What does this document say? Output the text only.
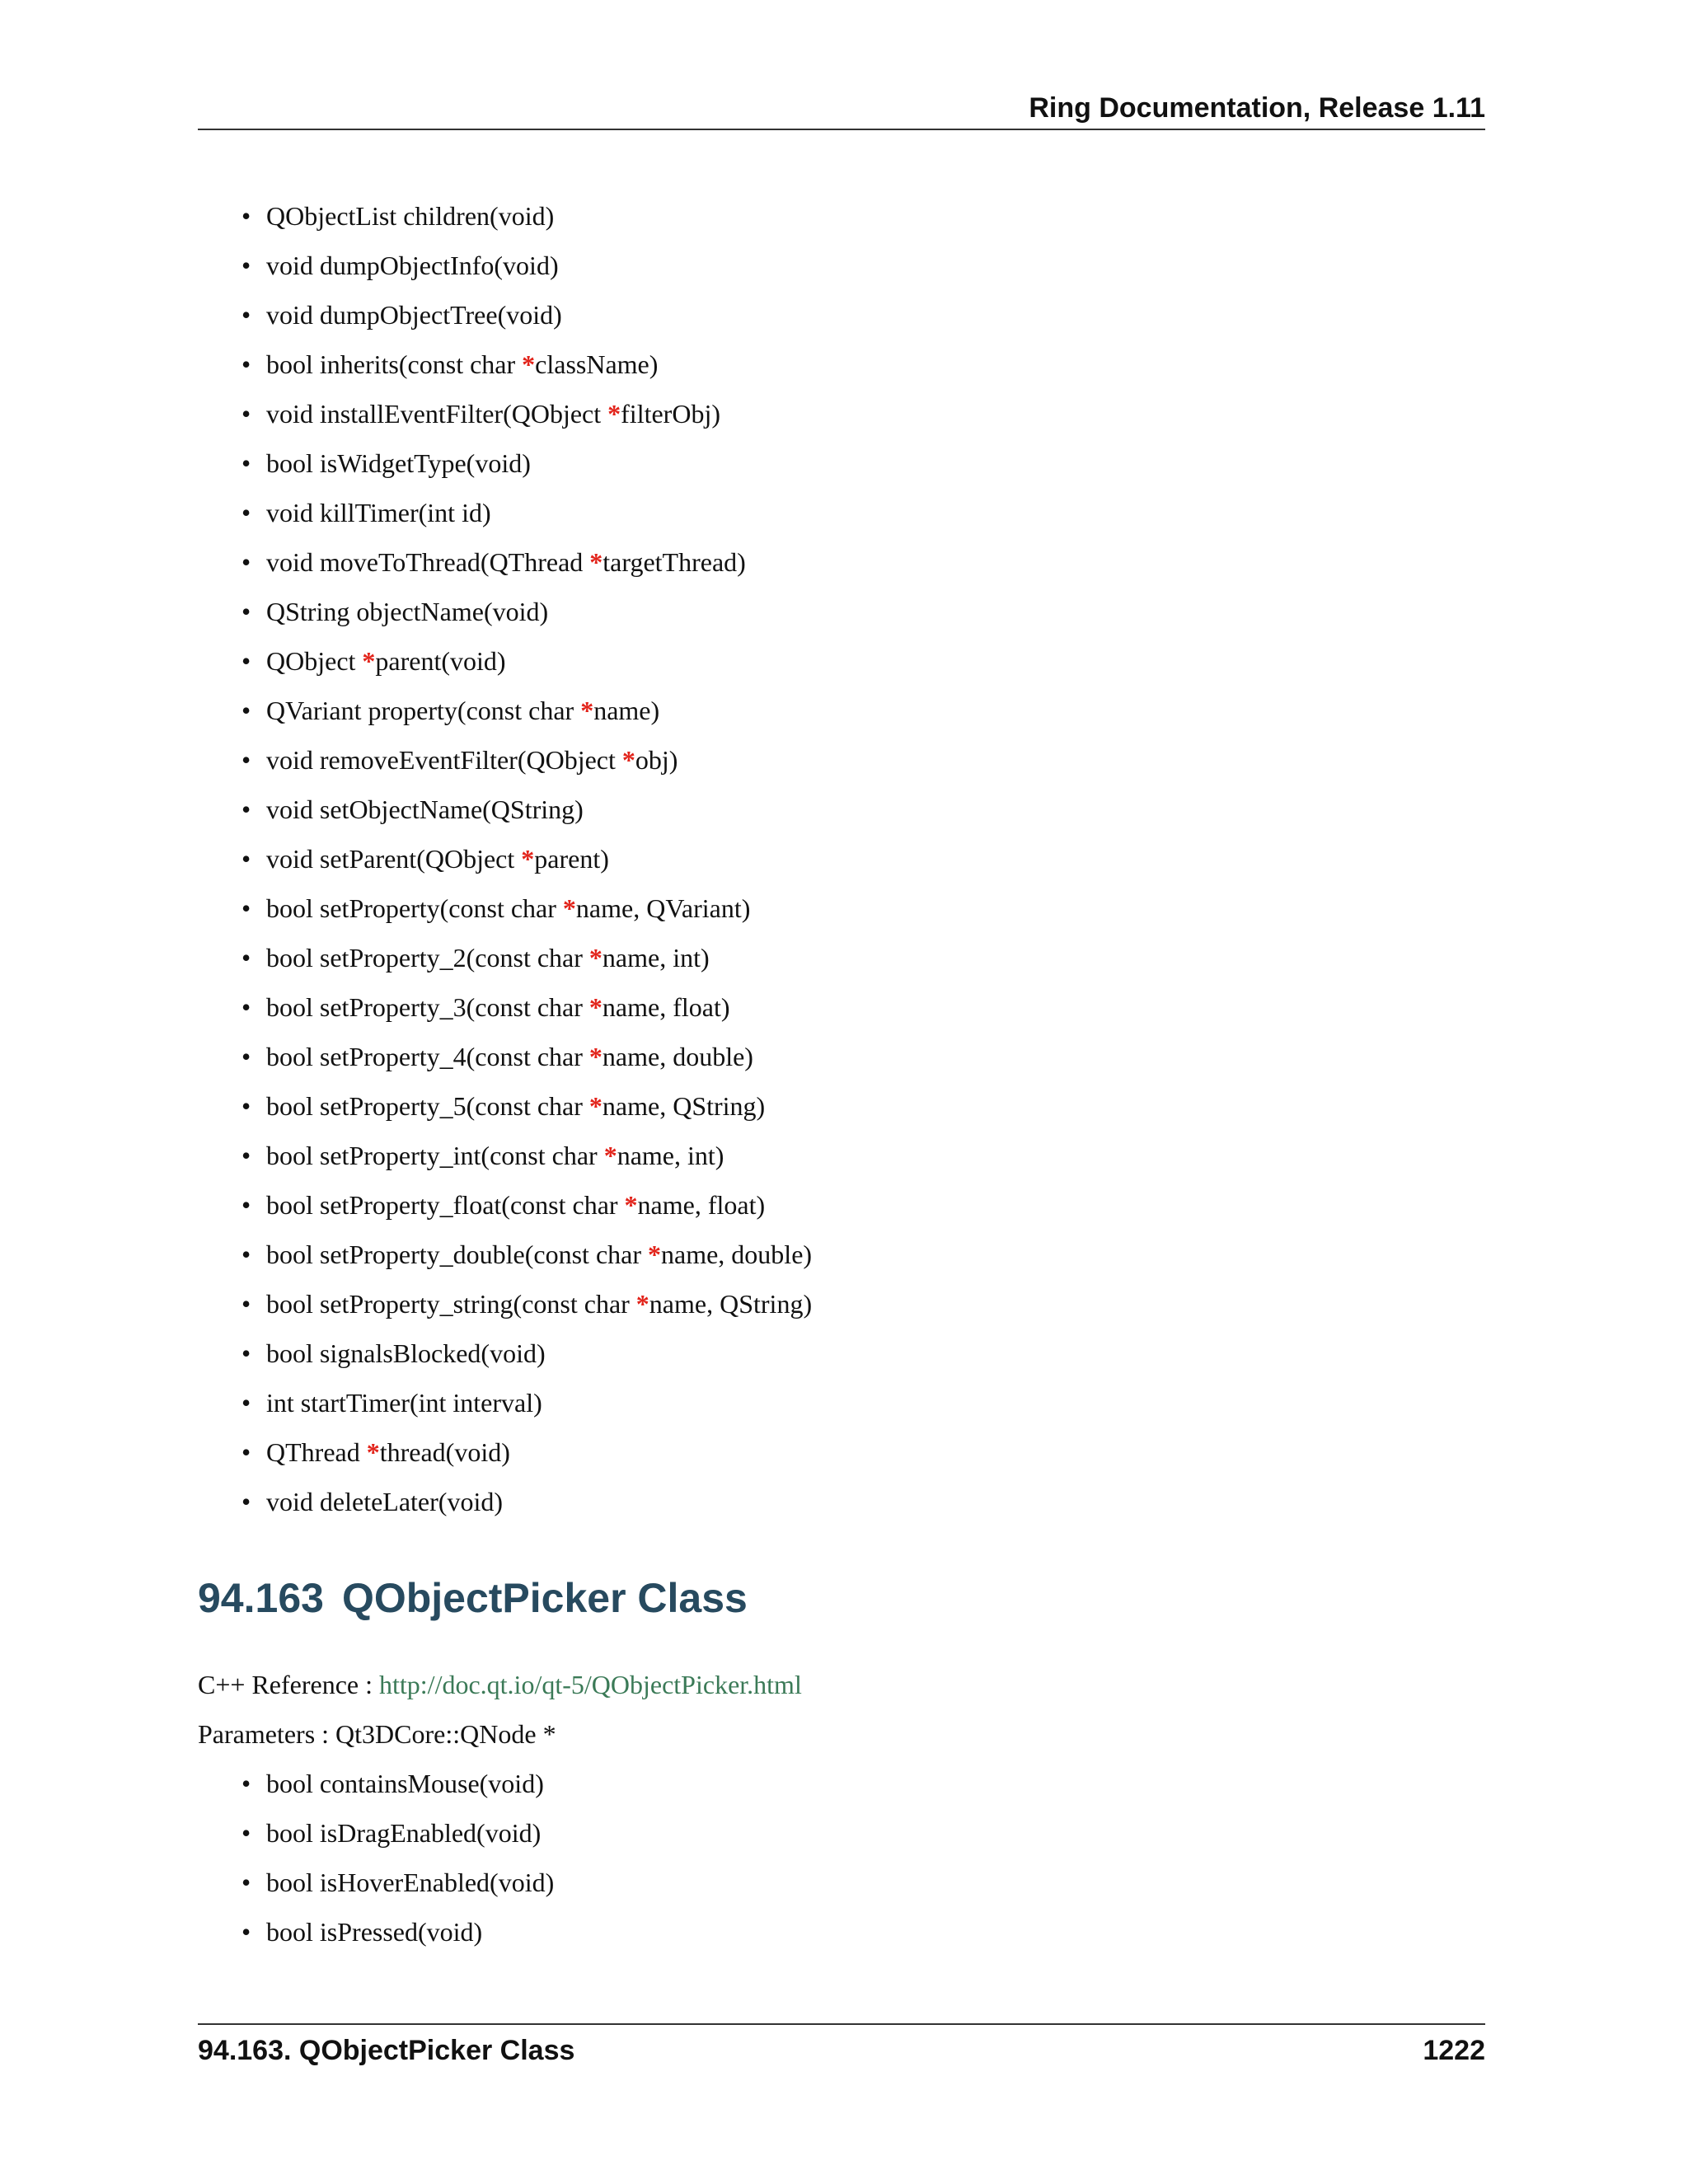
Ring Documentation, Release 1.11
• QObjectList children(void)
• void dumpObjectInfo(void)
• void dumpObjectTree(void)
• bool inherits(const char *className)
• void installEventFilter(QObject *filterObj)
• bool isWidgetType(void)
• void killTimer(int id)
• void moveToThread(QThread *targetThread)
• QString objectName(void)
• QObject *parent(void)
• QVariant property(const char *name)
• void removeEventFilter(QObject *obj)
• void setObjectName(QString)
• void setParent(QObject *parent)
• bool setProperty(const char *name, QVariant)
• bool setProperty_2(const char *name, int)
• bool setProperty_3(const char *name, float)
• bool setProperty_4(const char *name, double)
• bool setProperty_5(const char *name, QString)
• bool setProperty_int(const char *name, int)
• bool setProperty_float(const char *name, float)
• bool setProperty_double(const char *name, double)
• bool setProperty_string(const char *name, QString)
• bool signalsBlocked(void)
• int startTimer(int interval)
• QThread *thread(void)
• void deleteLater(void)
94.163 QObjectPicker Class
C++ Reference : http://doc.qt.io/qt-5/QObjectPicker.html
Parameters : Qt3DCore::QNode *
• bool containsMouse(void)
• bool isDragEnabled(void)
• bool isHoverEnabled(void)
• bool isPressed(void)
94.163. QObjectPicker Class	1222
